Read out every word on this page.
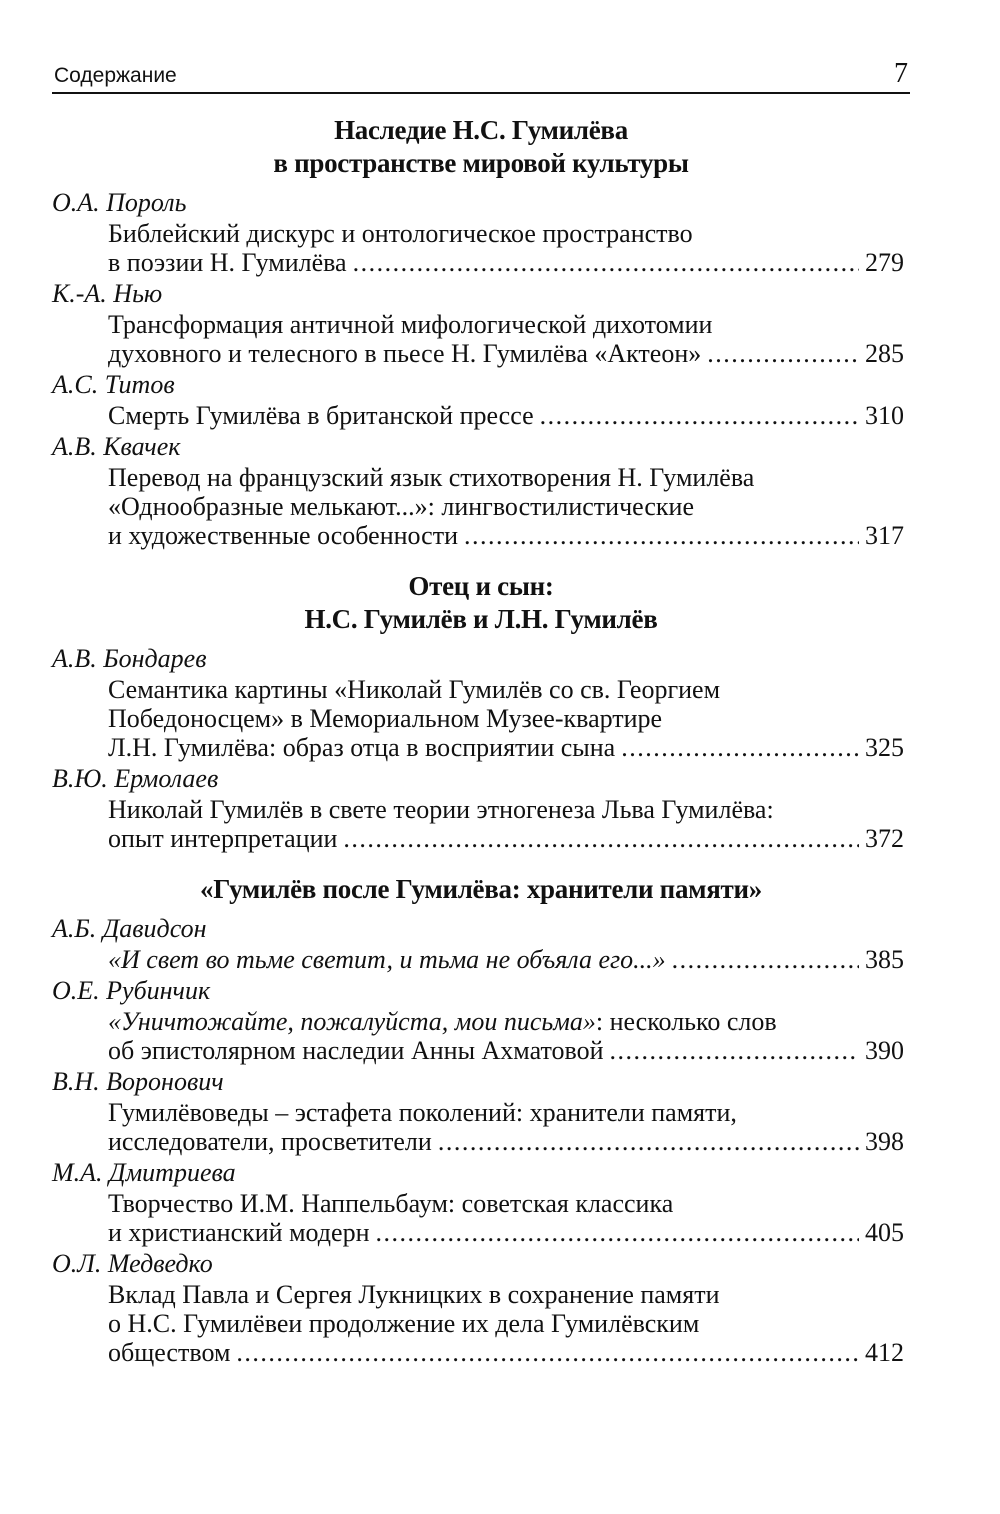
Содержание	7
Наследие Н.С. Гумилёва
в пространстве мировой культуры
О.А. Пороль
Библейский дискурс и онтологическое пространство
в поэзии Н. Гумилёва .....	279
К.-А. Нью
Трансформация античной мифологической дихотомии
духовного и телесного в пьесе Н. Гумилёва «Актеон» .....	285
А.С. Титов
Смерть Гумилёва в британской прессе .....	310
А.В. Квачек
Перевод на французский язык стихотворения Н. Гумилёва
«Однообразные мелькают...»: лингвостилистические
и художественные особенности .....	317
Отец и сын:
Н.С. Гумилёв и Л.Н. Гумилёв
А.В. Бондарев
Семантика картины «Николай Гумилёв со св. Георгием
Победоносцем» в Мемориальном Музее-квартире
Л.Н. Гумилёва: образ отца в восприятии сына .....	325
В.Ю. Ермолаев
Николай Гумилёв в свете теории этногенеза Льва Гумилёва:
опыт интерпретации .....	372
«Гумилёв после Гумилёва: хранители памяти»
А.Б. Давидсон
«И свет во тьме светит, и тьма не объяла его...» .....	385
О.Е. Рубинчик
«Уничтожайте, пожалуйста, мои письма»: несколько слов
об эпистолярном наследии Анны Ахматовой .....	390
В.Н. Воронович
Гумилёвоведы – эстафета поколений: хранители памяти,
исследователи, просветители .....	398
М.А. Дмитриева
Творчество И.М. Наппельбаум: советская классика
и христианский модерн .....	405
О.Л. Медведко
Вклад Павла и Сергея Лукницких в сохранение памяти
о Н.С. Гумилёвеи продолжение их дела Гумилёвским
обществом .....	412
